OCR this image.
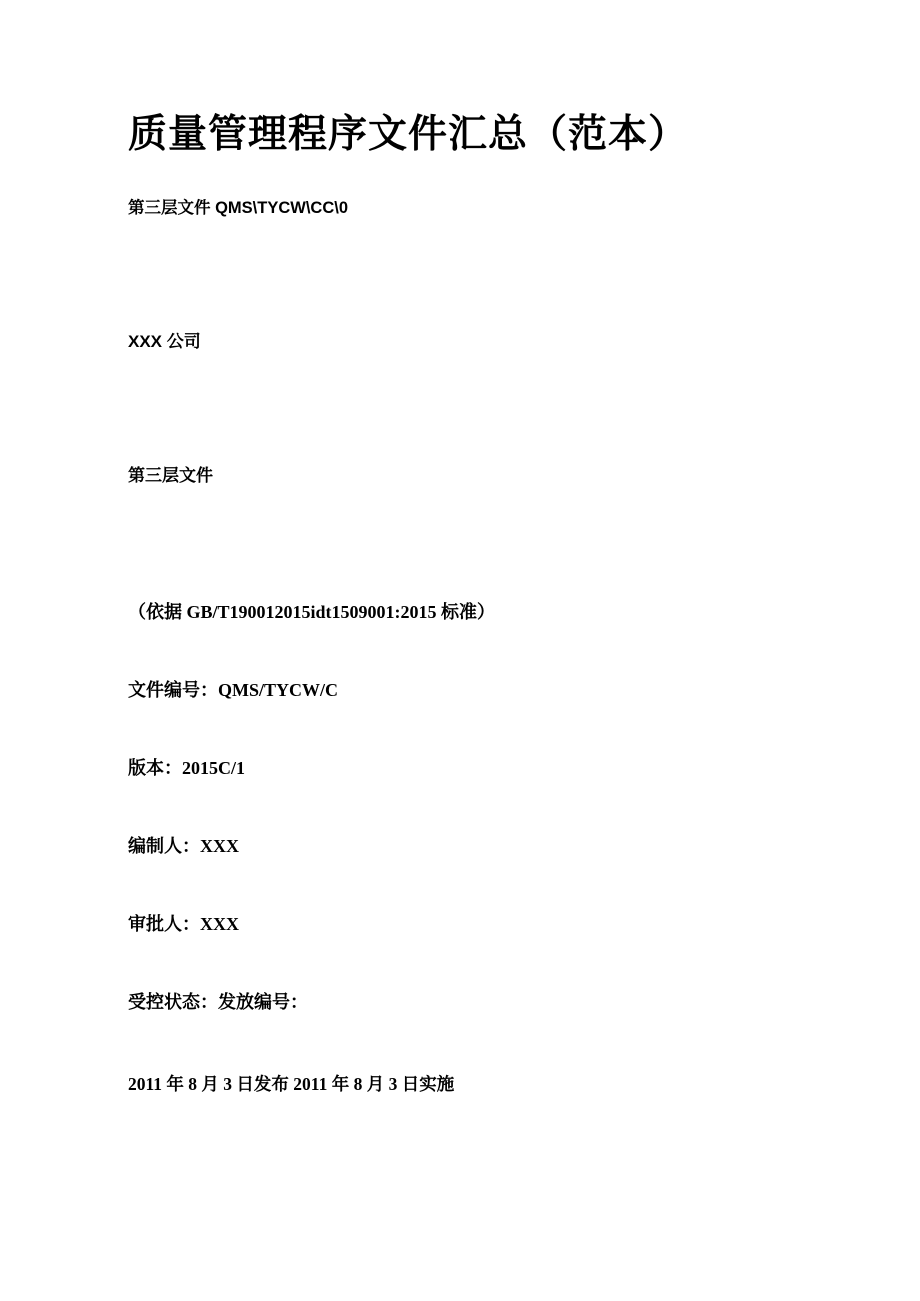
质量管理程序文件汇总（范本）

第三层文件 QMS\TYCW\CC\0

XXX 公司

第三层文件

（依据 GB/T190012015idt1509001:2015 标准）

文件编号：QMS/TYCW/C

版本：2015C/1

编制人：XXX

审批人：XXX

受控状态：发放编号：

2011 年 8 月 3 日发布 2011 年 8 月 3 日实施
